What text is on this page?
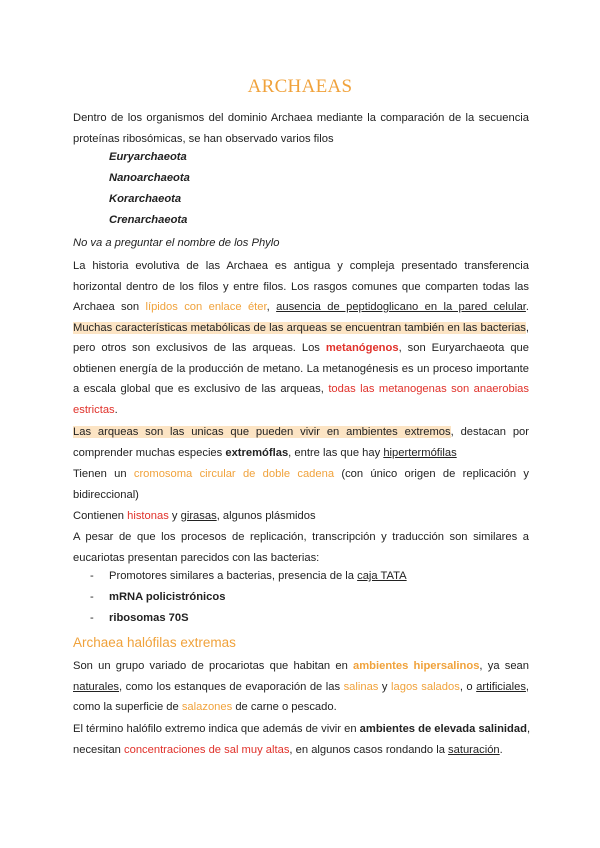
ARCHAEAS
Dentro de los organismos del dominio Archaea mediante la comparación de la secuencia
proteínas ribosómicas, se han observado varios filos
Euryarchaeota
Nanoarchaeota
Korarchaeota
Crenarchaeota
No va a preguntar el nombre de los Phylo
La historia evolutiva de las Archaea es antigua y compleja presentado transferencia
horizontal dentro de los filos y entre filos. Los rasgos comunes que comparten todas las
Archaea son lípidos con enlace éter, ausencia de peptidoglicano en la pared celular.
Muchas características metabólicas de las arqueas se encuentran también en las bacterias,
pero otros son exclusivos de las arqueas. Los metanógenos, son Euryarchaeota que
obtienen energía de la producción de metano. La metanogénesis es un proceso importante
a escala global que es exclusivo de las arqueas, todas las metanogenas son anaerobias
estrictas.
Las arqueas son las unicas que pueden vivir en ambientes extremos, destacan por
comprender muchas especies extremóflas, entre las que hay hipertermófilas
Tienen un cromosoma circular de doble cadena (con único origen de replicación y
bidireccional)
Contienen histonas y girasas, algunos plásmidos
A pesar de que los procesos de replicación, transcripción y traducción son similares a
eucariotas presentan parecidos con las bacterias:
- Promotores similares a bacterias, presencia de la caja TATA
- mRNA policistrónicos
- ribosomas 70S
Archaea halófilas extremas
Son un grupo variado de procariotas que habitan en ambientes hipersalinos, ya sean
naturales, como los estanques de evaporación de las salinas y lagos salados, o artificiales,
como la superficie de salazones de carne o pescado.
El término halófilo extremo indica que además de vivir en ambientes de elevada salinidad,
necesitan concentraciones de sal muy altas, en algunos casos rondando la saturación.
